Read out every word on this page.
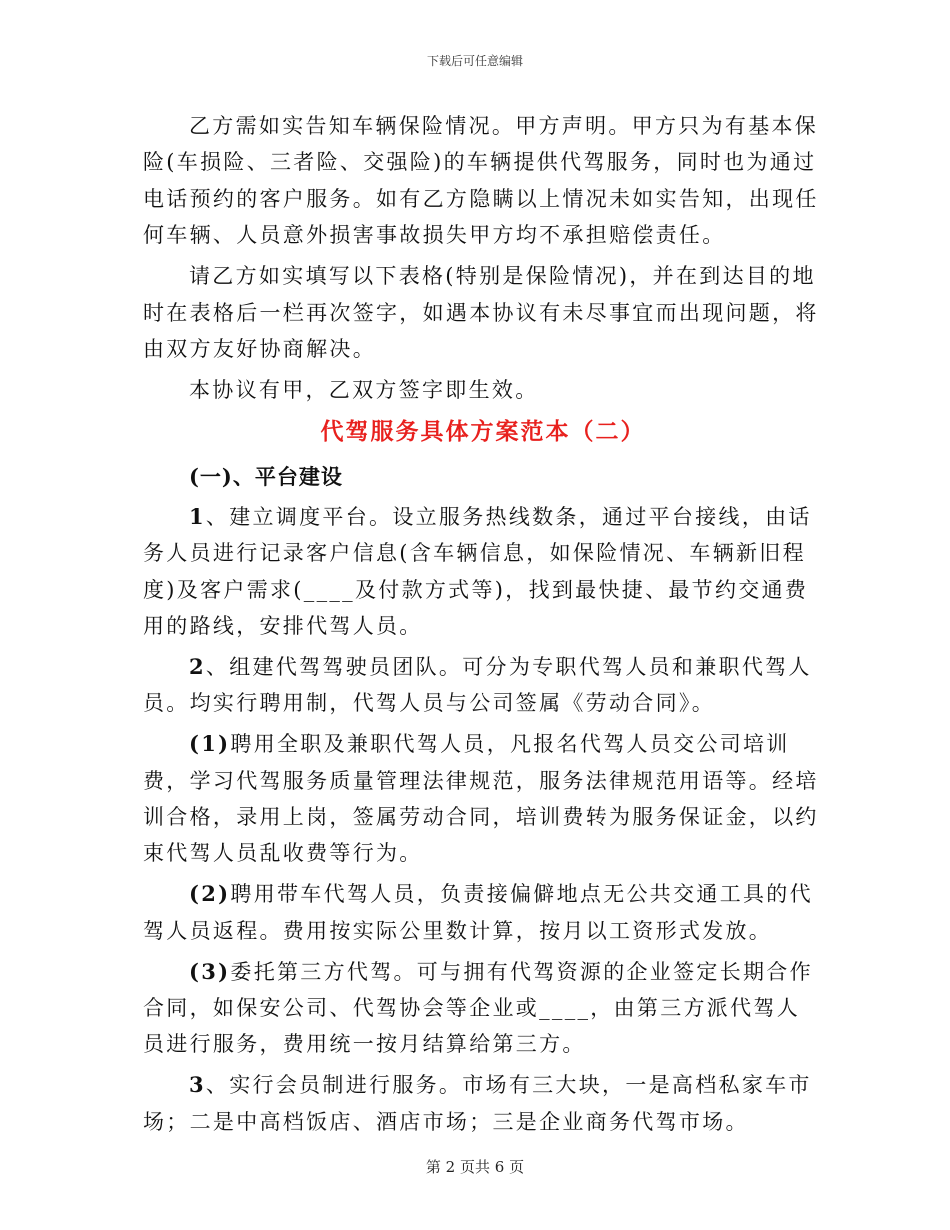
下载后可任意编辑

乙方需如实告知车辆保险情况。甲方声明。甲方只为有基本保险(车损险、三者险、交强险)的车辆提供代驾服务，同时也为通过电话预约的客户服务。如有乙方隐瞒以上情况未如实告知，出现任何车辆、人员意外损害事故损失甲方均不承担赔偿责任。

请乙方如实填写以下表格(特别是保险情况)，并在到达目的地时在表格后一栏再次签字，如遇本协议有未尽事宜而出现问题，将由双方友好协商解决。

本协议有甲，乙双方签字即生效。

代驾服务具体方案范本（二）
(一)、平台建设

1、建立调度平台。设立服务热线数条，通过平台接线，由话务人员进行记录客户信息(含车辆信息，如保险情况、车辆新旧程度)及客户需求(____及付款方式等)，找到最快捷、最节约交通费用的路线，安排代驾人员。

2、组建代驾驾驶员团队。可分为专职代驾人员和兼职代驾人员。均实行聘用制，代驾人员与公司签属《劳动合同》。

(1)聘用全职及兼职代驾人员，凡报名代驾人员交公司培训费，学习代驾服务质量管理法律规范，服务法律规范用语等。经培训合格，录用上岗，签属劳动合同，培训费转为服务保证金，以约束代驾人员乱收费等行为。

(2)聘用带车代驾人员，负责接偏僻地点无公共交通工具的代驾人员返程。费用按实际公里数计算，按月以工资形式发放。

(3)委托第三方代驾。可与拥有代驾资源的企业签定长期合作合同，如保安公司、代驾协会等企业或____，由第三方派代驾人员进行服务，费用统一按月结算给第三方。

3、实行会员制进行服务。市场有三大块，一是高档私家车市场；二是中高档饭店、酒店市场；三是企业商务代驾市场。

第 2 页共 6 页
